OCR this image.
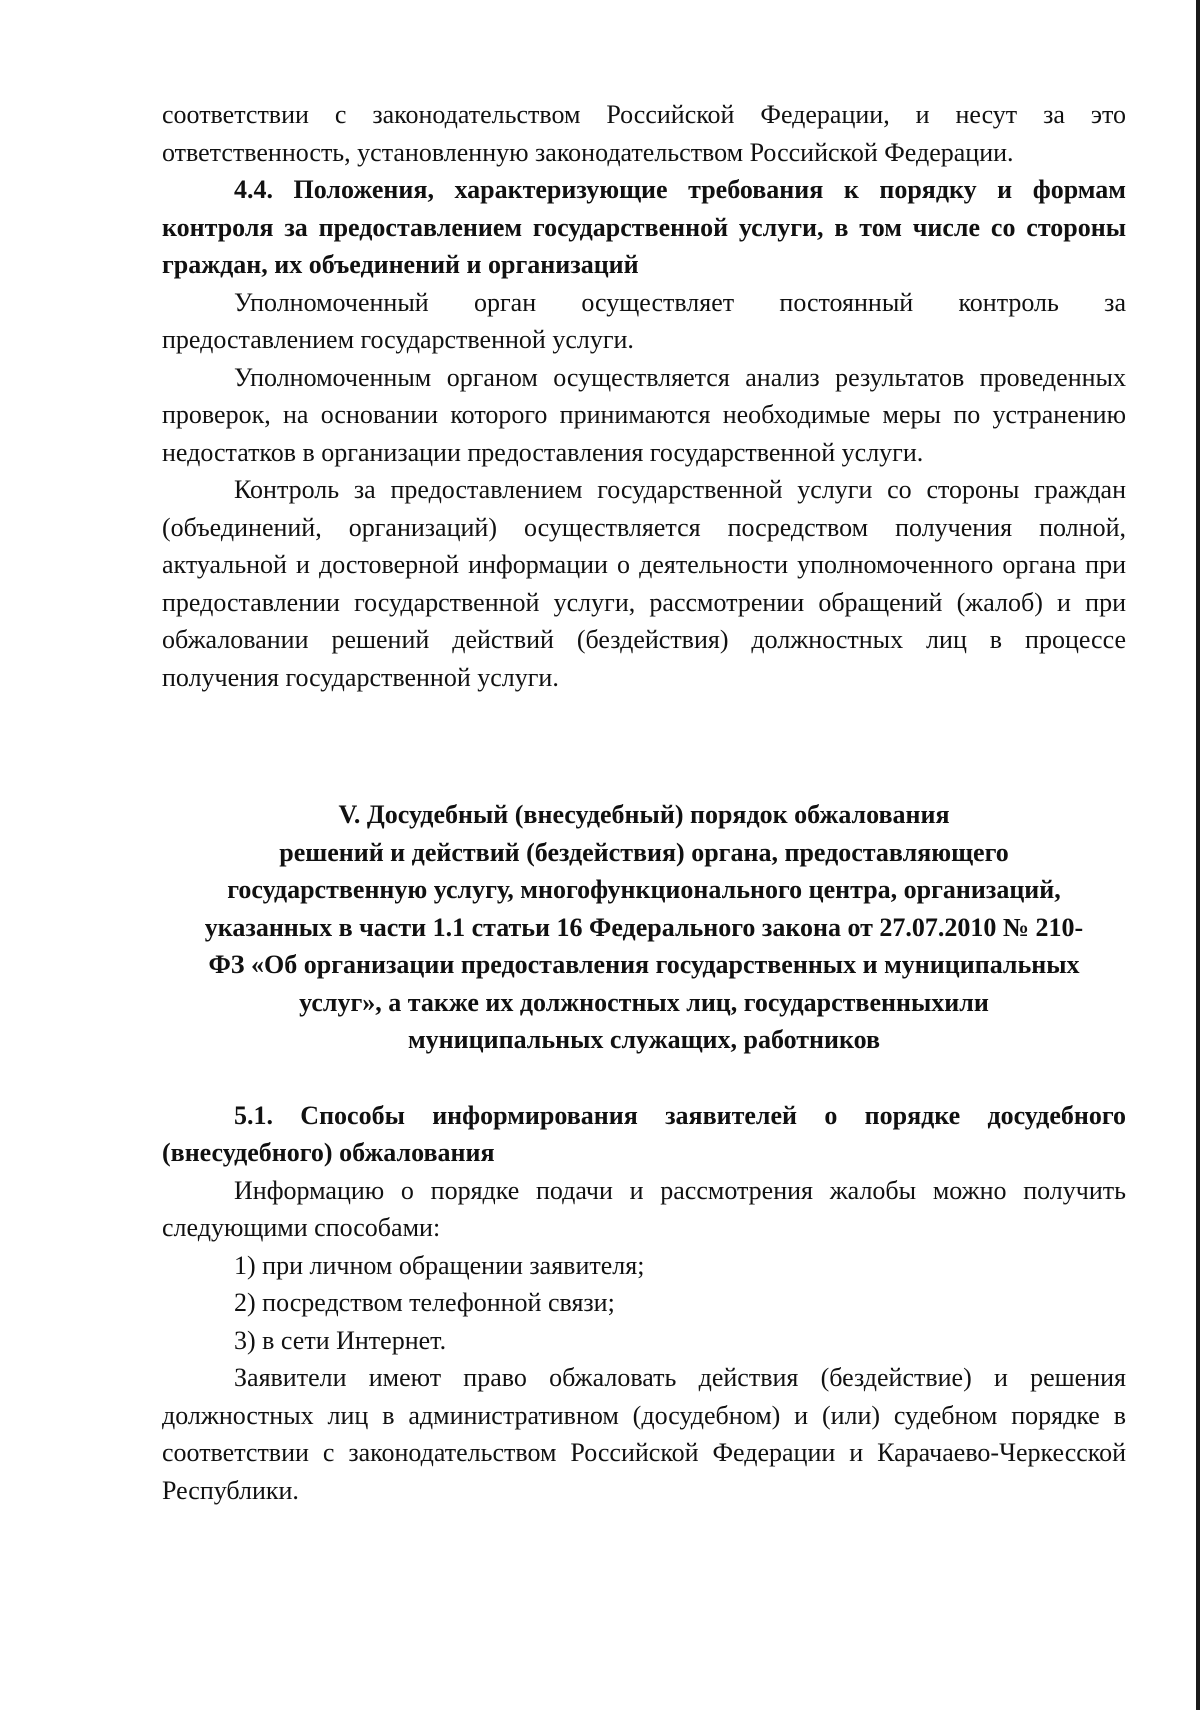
соответствии с законодательством Российской Федерации, и несут за это ответственность, установленную законодательством Российской Федерации.

4.4. Положения, характеризующие требования к порядку и формам контроля за предоставлением государственной услуги, в том числе со стороны граждан, их объединений и организаций

Уполномоченный орган осуществляет постоянный контроль за предоставлением государственной услуги.

Уполномоченным органом осуществляется анализ результатов проведенных проверок, на основании которого принимаются необходимые меры по устранению недостатков в организации предоставления государственной услуги.

Контроль за предоставлением государственной услуги со стороны граждан (объединений, организаций) осуществляется посредством получения полной, актуальной и достоверной информации о деятельности уполномоченного органа при предоставлении государственной услуги, рассмотрении обращений (жалоб) и при обжаловании решений действий (бездействия) должностных лиц в процессе получения государственной услуги.

V. Досудебный (внесудебный) порядок обжалования
решений и действий (бездействия) органа, предоставляющего
государственную услугу, многофункционального центра, организаций,
указанных в части 1.1 статьи 16 Федерального закона от 27.07.2010 № 210-
ФЗ «Об организации предоставления государственных и муниципальных
услуг», а также их должностных лиц, государственныхили
муниципальных служащих, работников

5.1. Способы информирования заявителей о порядке досудебного (внесудебного) обжалования

Информацию о порядке подачи и рассмотрения жалобы можно получить следующими способами:

1) при личном обращении заявителя;

2) посредством телефонной связи;

3) в сети Интернет.

Заявители имеют право обжаловать действия (бездействие) и решения должностных лиц в административном (досудебном) и (или) судебном порядке в соответствии с законодательством Российской Федерации и Карачаево-Черкесской Республики.
